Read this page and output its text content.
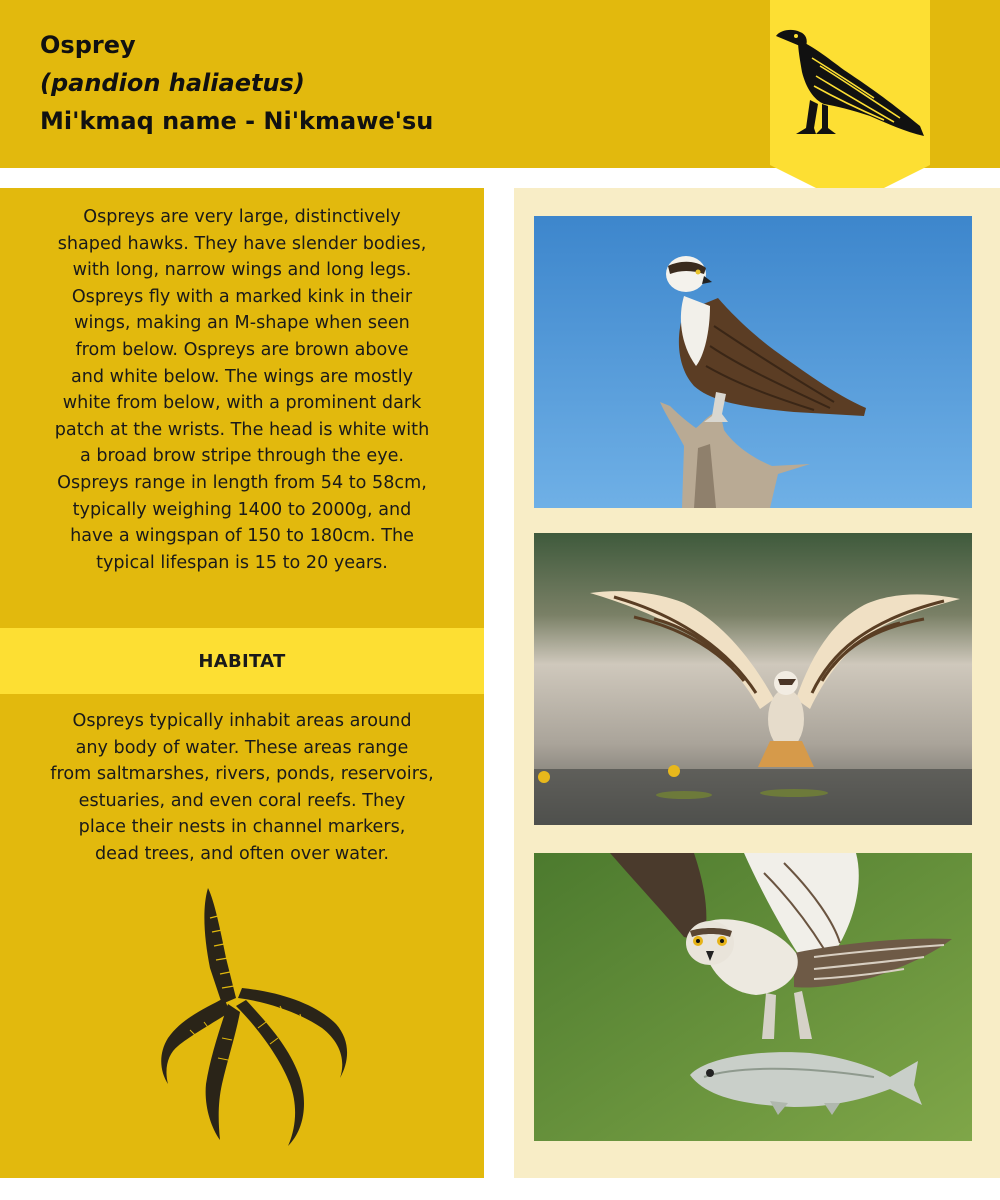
Osprey
(pandion haliaetus)
Mi'kmaq name - Ni'kmawe'su
Ospreys are very large, distinctively
shaped hawks. They have slender bodies,
with long, narrow wings and long legs.
Ospreys fly with a marked kink in their
wings, making an M-shape when seen
from below. Ospreys are brown above
and white below. The wings are mostly
white from below, with a prominent dark
patch at the wrists. The head is white with
a broad brow stripe through the eye.
Ospreys range in length from 54 to 58cm,
typically weighing 1400 to 2000g, and
have a wingspan of 150 to 180cm. The
typical lifespan is 15 to 20 years.
HABITAT
Ospreys typically inhabit areas around
any body of water. These areas range
from saltmarshes, rivers, ponds, reservoirs,
estuaries, and even coral reefs. They
place their nests in channel markers,
dead trees, and often over water.
